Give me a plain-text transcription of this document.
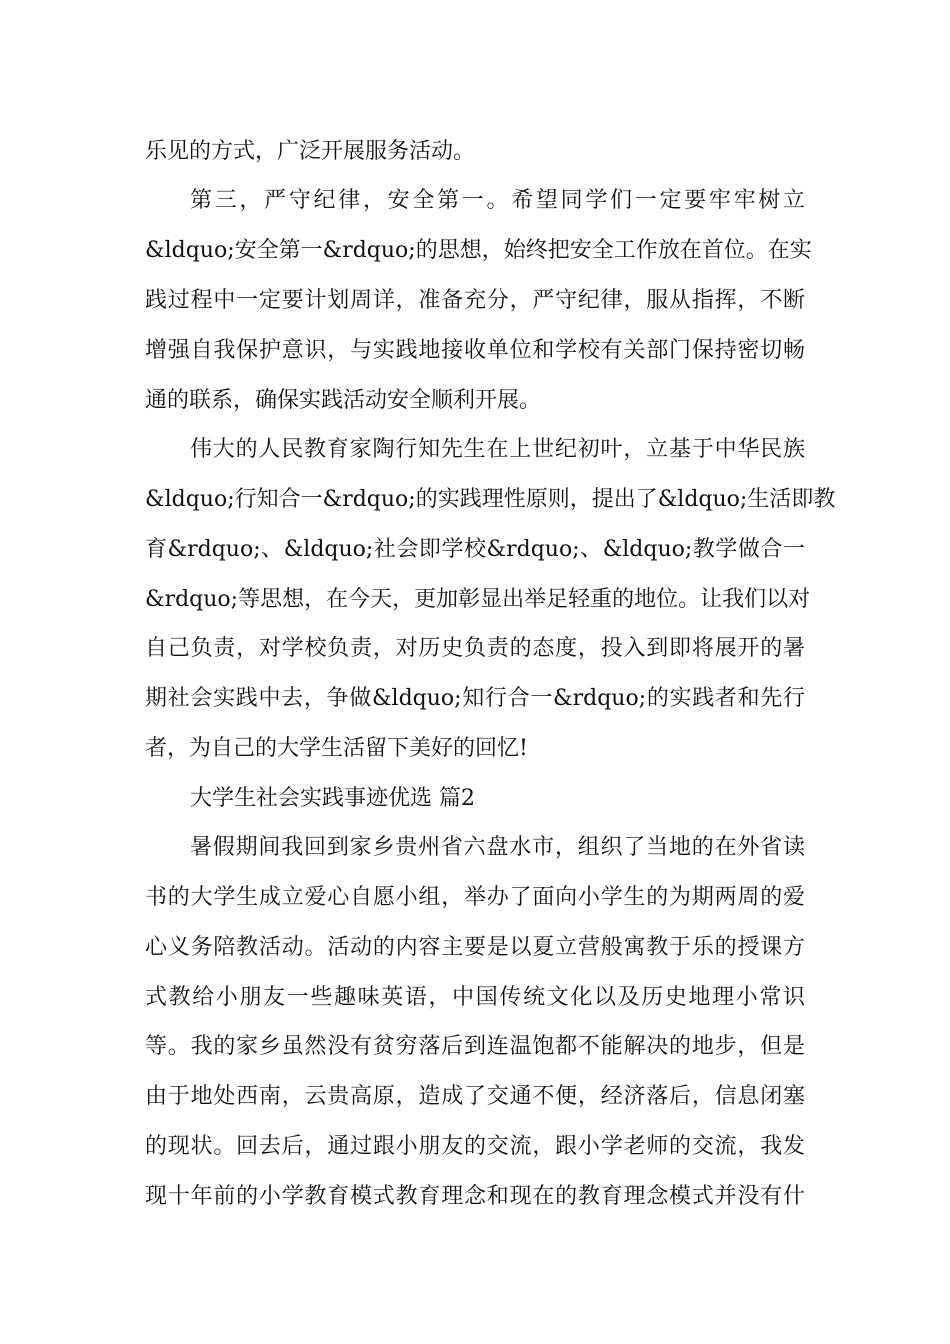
乐见的方式，广泛开展服务活动。
第三，严守纪律，安全第一。希望同学们一定要牢牢树立
&ldquo;安全第一&rdquo;的思想，始终把安全工作放在首位。在实
践过程中一定要计划周详，准备充分，严守纪律，服从指挥，不断
增强自我保护意识，与实践地接收单位和学校有关部门保持密切畅
通的联系，确保实践活动安全顺利开展。
伟大的人民教育家陶行知先生在上世纪初叶，立基于中华民族
&ldquo;行知合一&rdquo;的实践理性原则，提出了&ldquo;生活即教
育&rdquo;、&ldquo;社会即学校&rdquo;、&ldquo;教学做合一
&rdquo;等思想，在今天，更加彰显出举足轻重的地位。让我们以对
自己负责，对学校负责，对历史负责的态度，投入到即将展开的暑
期社会实践中去，争做&ldquo;知行合一&rdquo;的实践者和先行
者，为自己的大学生活留下美好的回忆!
大学生社会实践事迹优选 篇2
暑假期间我回到家乡贵州省六盘水市，组织了当地的在外省读
书的大学生成立爱心自愿小组，举办了面向小学生的为期两周的爱
心义务陪教活动。活动的内容主要是以夏立营般寓教于乐的授课方
式教给小朋友一些趣味英语，中国传统文化以及历史地理小常识
等。我的家乡虽然没有贫穷落后到连温饱都不能解决的地步，但是
由于地处西南，云贵高原，造成了交通不便，经济落后，信息闭塞
的现状。回去后，通过跟小朋友的交流，跟小学老师的交流，我发
现十年前的小学教育模式教育理念和现在的教育理念模式并没有什
